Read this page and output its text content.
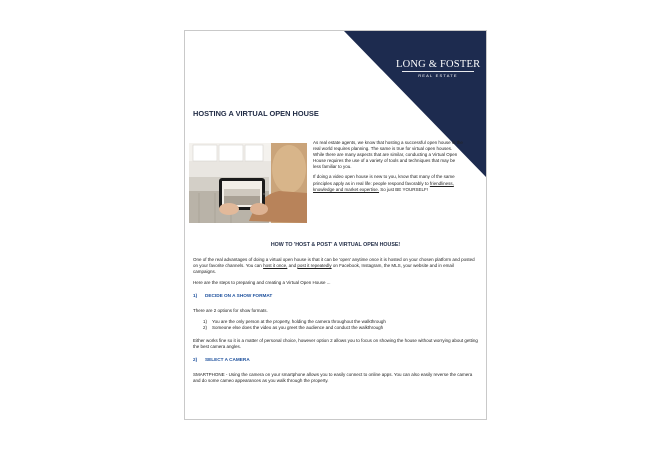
LONG & FOSTER
REAL ESTATE
HOSTING A VIRTUAL OPEN HOUSE

As real estate agents, we know that hosting a successful open house in the real world requires planning. The same is true for virtual open houses. While there are many aspects that are similar, conducting a Virtual Open House requires the use of a variety of tools and techniques that may be less familiar to you.

If doing a video open house is new to you, know that many of the same principles apply as in real life: people respond favorably to friendliness, knowledge and market expertise. So just BE YOURSELF!

HOW TO 'HOST & POST' A VIRTUAL OPEN HOUSE!

One of the real advantages of doing a virtual open house is that it can be 'open' anytime once it is hosted on your chosen platform and posted on your favorite channels. You can host it once, and post it repeatedly on Facebook, Instagram, the MLS, your website and in email campaigns.

Here are the steps to preparing and creating a Virtual Open House ...

1) DECIDE ON A SHOW FORMAT

There are 2 options for show formats.

1) You are the only person at the property, holding the camera throughout the walkthrough
2) Someone else does the video as you greet the audience and conduct the walkthrough

Either works fine so it is a matter of personal choice, however option 2 allows you to focus on showing the house without worrying about getting the best camera angles.

2) SELECT A CAMERA

SMARTPHONE - Using the camera on your smartphone allows you to easily connect to online apps. You can also easily reverse the camera and do some cameo appearances as you walk through the property.
